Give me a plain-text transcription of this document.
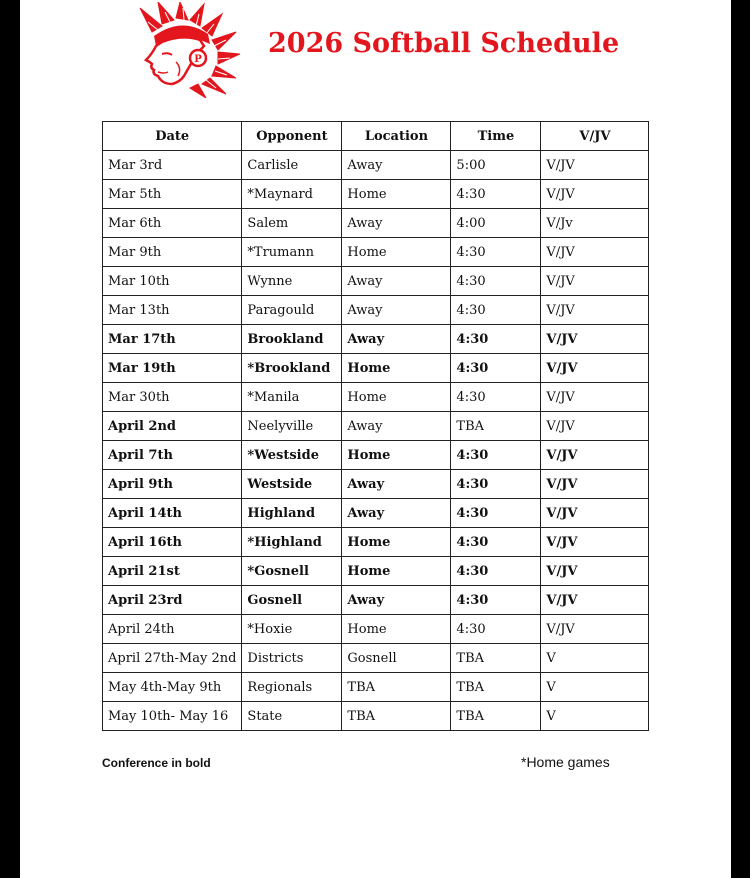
P
2026 Softball Schedule
Date	Opponent	Location	Time	V/JV
Mar 3rd	Carlisle	Away	5:00	V/JV
Mar 5th	*Maynard	Home	4:30	V/JV
Mar 6th	Salem	Away	4:00	V/Jv
Mar 9th	*Trumann	Home	4:30	V/JV
Mar 10th	Wynne	Away	4:30	V/JV
Mar 13th	Paragould	Away	4:30	V/JV
Mar 17th	Brookland	Away	4:30	V/JV
Mar 19th	*Brookland	Home	4:30	V/JV
Mar 30th	*Manila	Home	4:30	V/JV
April 2nd	Neelyville	Away	TBA	V/JV
April 7th	*Westside	Home	4:30	V/JV
April 9th	Westside	Away	4:30	V/JV
April 14th	Highland	Away	4:30	V/JV
April 16th	*Highland	Home	4:30	V/JV
April 21st	*Gosnell	Home	4:30	V/JV
April 23rd	Gosnell	Away	4:30	V/JV
April 24th	*Hoxie	Home	4:30	V/JV
April 27th-May 2nd	Districts	Gosnell	TBA	V
May 4th-May 9th	Regionals	TBA	TBA	V
May 10th- May 16	State	TBA	TBA	V
Conference in bold	*Home games
